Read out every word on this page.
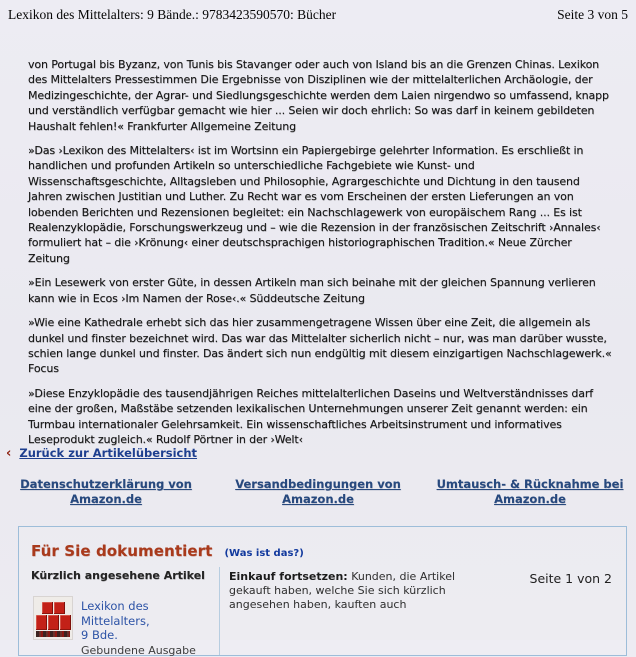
Lexikon des Mittelalters: 9 Bände.: 9783423590570: Bücher	Seite 3 von 5

von Portugal bis Byzanz, von Tunis bis Stavanger oder auch von Island bis an die Grenzen Chinas. Lexikon des Mittelalters Pressestimmen Die Ergebnisse von Disziplinen wie der mittelalterlichen Archäologie, der Medizingeschichte, der Agrar- und Siedlungsgeschichte werden dem Laien nirgendwo so umfassend, knapp und verständlich verfügbar gemacht wie hier ... Seien wir doch ehrlich: So was darf in keinem gebildeten Haushalt fehlen!« Frankfurter Allgemeine Zeitung

»Das ›Lexikon des Mittelalters‹ ist im Wortsinn ein Papiergebirge gelehrter Information. Es erschließt in handlichen und profunden Artikeln so unterschiedliche Fachgebiete wie Kunst- und Wissenschaftsgeschichte, Alltagsleben und Philosophie, Agrargeschichte und Dichtung in den tausend Jahren zwischen Justitian und Luther. Zu Recht war es vom Erscheinen der ersten Lieferungen an von lobenden Berichten und Rezensionen begleitet: ein Nachschlagewerk von europäischem Rang ... Es ist Realenzyklopädie, Forschungswerkzeug und – wie die Rezension in der französischen Zeitschrift ›Annales‹ formuliert hat – die ›Krönung‹ einer deutschsprachigen historiographischen Tradition.« Neue Zürcher Zeitung

»Ein Lesewerk von erster Güte, in dessen Artikeln man sich beinahe mit der gleichen Spannung verlieren kann wie in Ecos ›Im Namen der Rose‹.« Süddeutsche Zeitung

»Wie eine Kathedrale erhebt sich das hier zusammengetragene Wissen über eine Zeit, die allgemein als dunkel und finster bezeichnet wird. Das war das Mittelalter sicherlich nicht – nur, was man darüber wusste, schien lange dunkel und finster. Das ändert sich nun endgültig mit diesem einzigartigen Nachschlagewerk.« Focus

»Diese Enzyklopädie des tausendjährigen Reiches mittelalterlichen Daseins und Weltverständnisses darf eine der großen, Maßstäbe setzenden lexikalischen Unternehmungen unserer Zeit genannt werden: ein Turmbau internationaler Gelehrsamkeit. Ein wissenschaftliches Arbeitsinstrument und informatives Leseprodukt zugleich.« Rudolf Pörtner in der ›Welt‹

‹ Zurück zur Artikelübersicht
Datenschutzerklärung von
Amazon.de
Versandbedingungen von
Amazon.de
Umtausch- & Rücknahme bei
Amazon.de
Für Sie dokumentiert (Was ist das?)
Kürzlich angesehene Artikel
Lexikon des Mittelalters,
9 Bde.
Gebundene Ausgabe

Einkauf fortsetzen: Kunden, die Artikel gekauft haben, welche Sie sich kürzlich angesehen haben, kauften auch

Seite 1 von 2
